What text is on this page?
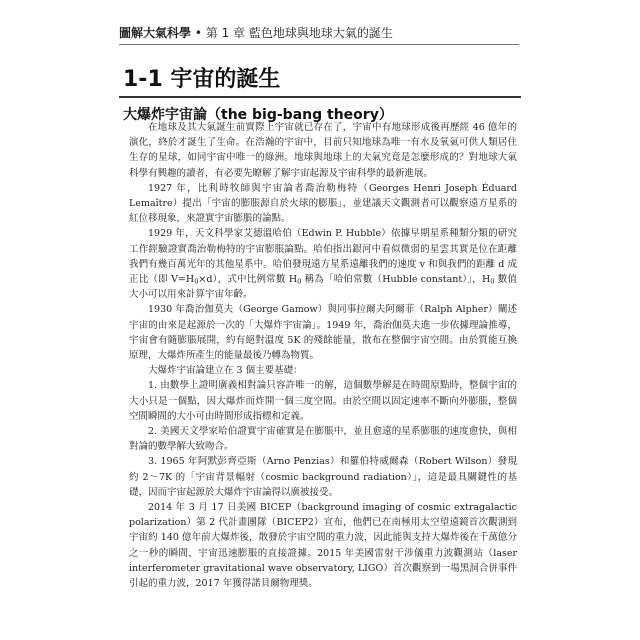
圖解大氣科學 • 第 1 章 藍色地球與地球大氣的誕生
1-1 宇宙的誕生
大爆炸宇宙論（the big-bang theory）

在地球及其大氣誕生前實際上宇宙就已存在了，宇宙中有地球形成後再歷經 46 億年的演化，終於才誕生了生命。在浩瀚的宇宙中，目前只知地球為唯一有水及氧氣可供人類居住生存的星球，如同宇宙中唯一的綠洲。地球與地球上的大氣究竟是怎麼形成的？對地球大氣科學有興趣的讀者，有必要先瞭解了解宇宙起源及宇宙科學的最新進展。

1927 年，比利時牧師與宇宙論者喬治勒梅特（Georges Henri Joseph Éduard Lemaître）提出「宇宙的膨脹源自於火球的膨脹」，並建議天文觀測者可以觀察遠方星系的紅位移現象，來證實宇宙膨脹的論點。

1929 年，天文科學家艾德溫哈伯（Edwin P. Hubble）依據早期星系種類分類的研究工作經驗證實喬治勒梅特的宇宙膨脹論點。哈伯指出銀河中看似微弱的星雲其實是位在距離我們有幾百萬光年的其他星系中。哈伯發現遠方星系遠離我們的速度 v 和與我們的距離 d 成正比（即 $V=H_0\times d$），式中比例常數 $H_0$ 稱為「哈伯常數（Hubble constant）」，$H_0$ 數值大小可以用來計算宇宙年齡。

1930 年喬治伽莫夫（George Gamow）與同事拉爾夫阿爾菲（Ralph Alpher）闡述宇宙的由來是起源於一次的「大爆炸宇宙論」。1949 年，喬治伽莫夫進一步依據理論推導，宇宙會有隨膨脹展開，約有絕對溫度 5K 的殘餘能量，散布在整個宇宙空間。由於質能互換原理，大爆炸所產生的能量最後乃轉為物質。

大爆炸宇宙論建立在 3 個主要基礎：

1. 由數學上證明廣義相對論只容許唯一的解，這個數學解是在時間原點時，整個宇宙的大小只是一個點，因大爆炸而炸開一個三度空間。由於空間以固定速率不斷向外膨脹，整個空間瞬間的大小可由時間形成指標和定義。

2. 美國天文學家哈伯證實宇宙確實是在膨脹中，並且愈遠的星系膨脹的速度愈快，與相對論的數學解大致吻合。

3. 1965 年阿默彭齊亞斯（Arno Penzias）和羅伯特威爾森（Robert Wilson）發現約 2～7K 的「宇宙背景輻射（cosmic background radiation）」，這是最具關鍵性的基礎，因而宇宙起源於大爆炸宇宙論得以廣被接受。

2014 年 3 月 17 日美國 BICEP（background imaging of cosmic extragalactic polarization）第 2 代計畫團隊（BICEP2）宣布，他們已在南極用太空望遠鏡首次觀測到宇宙約 140 億年前大爆炸後，散發於宇宙空間的重力波，因此能與支持大爆炸後在千萬億分之一秒的瞬間，宇宙迅速膨脹的直接證據。2015 年美國雷射干涉儀重力波觀測站（laser interferometer gravitational wave observatory, LIGO）首次觀察到一場黑洞合併事件引起的重力波，2017 年獲得諾貝爾物理獎。
